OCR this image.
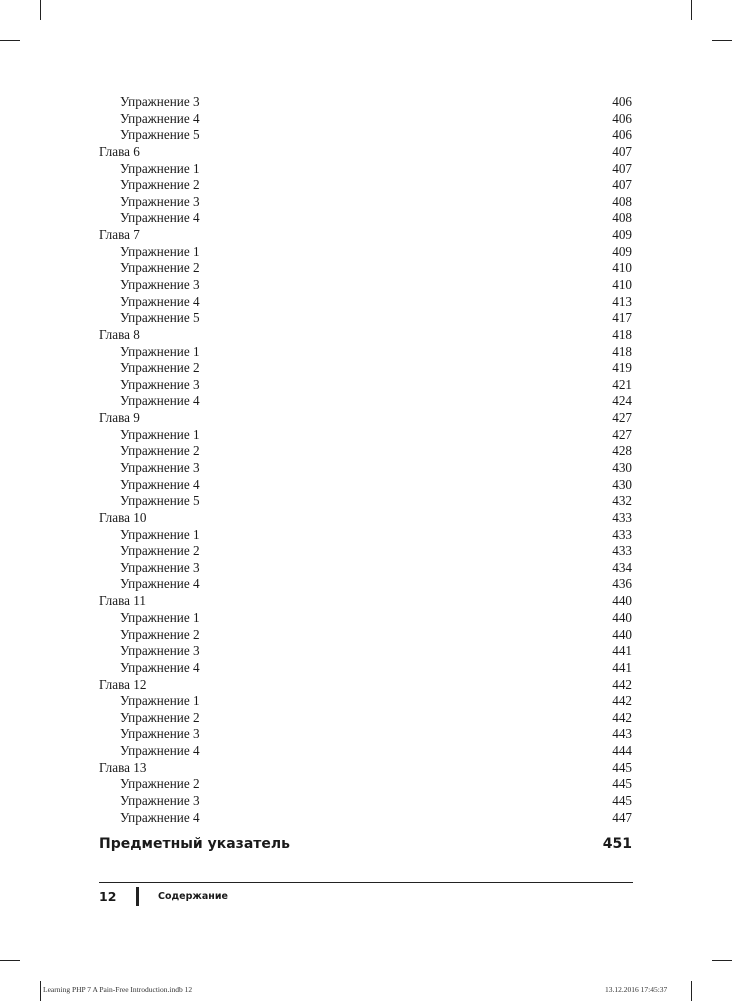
Упражнение 3	406
Упражнение 4	406
Упражнение 5	406
Глава 6	407
Упражнение 1	407
Упражнение 2	407
Упражнение 3	408
Упражнение 4	408
Глава 7	409
Упражнение 1	409
Упражнение 2	410
Упражнение 3	410
Упражнение 4	413
Упражнение 5	417
Глава 8	418
Упражнение 1	418
Упражнение 2	419
Упражнение 3	421
Упражнение 4	424
Глава 9	427
Упражнение 1	427
Упражнение 2	428
Упражнение 3	430
Упражнение 4	430
Упражнение 5	432
Глава 10	433
Упражнение 1	433
Упражнение 2	433
Упражнение 3	434
Упражнение 4	436
Глава 11	440
Упражнение 1	440
Упражнение 2	440
Упражнение 3	441
Упражнение 4	441
Глава 12	442
Упражнение 1	442
Упражнение 2	442
Упражнение 3	443
Упражнение 4	444
Глава 13	445
Упражнение 2	445
Упражнение 3	445
Упражнение 4	447
Предметный указатель	451
12	Содержание
Learning PHP 7 A Pain-Free Introduction.indb 12	13.12.2016 17:45:37
